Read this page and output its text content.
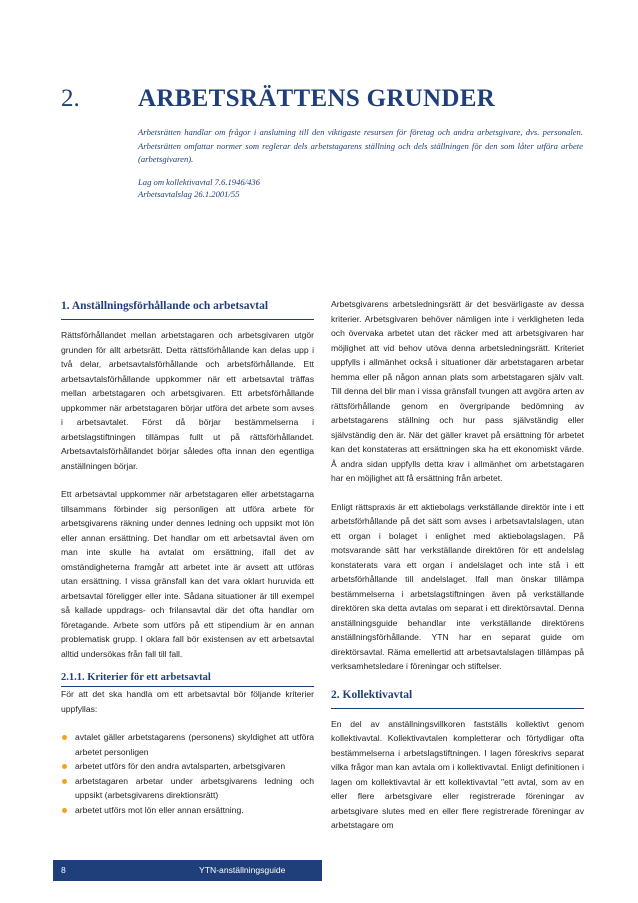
2. ARBETSRÄTTENS GRUNDER
Arbetsrätten handlar om frågor i anslutning till den viktigaste resursen för företag och andra arbetsgivare, dvs. personalen. Arbetsrätten omfattar normer som reglerar dels arbetstagarens ställning och dels ställningen för den som låter utföra arbete (arbetsgivaren).
Lag om kollektivavtal 7.6.1946/436
Arbetsavtalslag 26.1.2001/55
1. Anställningsförhållande och arbetsavtal

Rättsförhållandet mellan arbetstagaren och arbetsgivaren utgör grunden för allt arbetsrätt. Detta rättsförhållande kan delas upp i två delar, arbetsavtalsförhållande och arbetsförhållande. Ett arbetsavtalsförhållande uppkommer när ett arbetsavtal träffas mellan arbetstagaren och arbetsgivaren. Ett arbetsförhållande uppkommer när arbetstagaren börjar utföra det arbete som avses i arbetsavtalet. Först då börjar bestämmelserna i arbetslagstiftningen tillämpas fullt ut på rättsförhållandet. Arbetsavtalsförhållandet börjar således ofta innan den egentliga anställningen börjar.

Ett arbetsavtal uppkommer när arbetstagaren eller arbetstagarna tillsammans förbinder sig personligen att utföra arbete för arbetsgivarens räkning under dennes ledning och uppsikt mot lön eller annan ersättning. Det handlar om ett arbetsavtal även om man inte skulle ha avtalat om ersättning, ifall det av omständigheterna framgår att arbetet inte är avsett att utföras utan ersättning. I vissa gränsfall kan det vara oklart huruvida ett arbetsavtal föreligger eller inte. Sådana situationer är till exempel så kallade uppdrags- och frilansavtal där det ofta handlar om företagande. Arbete som utförs på ett stipendium är en annan problematisk grupp. I oklara fall bör existensen av ett arbetsavtal alltid undersökas från fall till fall.

2.1.1. Kriterier för ett arbetsavtal

För att det ska handla om ett arbetsavtal bör följande kriterier uppfyllas:

avtalet gäller arbetstagarens (personens) skyldighet att utföra arbetet personligen
arbetet utförs för den andra avtalsparten, arbetsgivaren
arbetstagaren arbetar under arbetsgivarens ledning och uppsikt (arbetsgivarens direktionsrätt)
arbetet utförs mot lön eller annan ersättning.

Arbetsgivarens arbetsledningsrätt är det besvärligaste av dessa kriterier. Arbetsgivaren behöver nämligen inte i verkligheten leda och övervaka arbetet utan det räcker med att arbetsgivaren har möjlighet att vid behov utöva denna arbetsledningsrätt. Kriteriet uppfylls i allmänhet också i situationer där arbetstagaren arbetar hemma eller på någon annan plats som arbetstagaren själv valt. Till denna del blir man i vissa gränsfall tvungen att avgöra arten av rättsförhållande genom en övergripande bedömning av arbetstagarens ställning och hur pass självständig eller självständig den är. När det gäller kravet på ersättning för arbetet kan det konstateras att ersättningen ska ha ett ekonomiskt värde. Å andra sidan uppfylls detta krav i allmänhet om arbetstagaren har en möjlighet att få ersättning från arbetet.

Enligt rättspraxis är ett aktiebolags verkställande direktör inte i ett arbetsförhållande på det sätt som avses i arbetsavtalslagen, utan ett organ i bolaget i enlighet med aktiebolagslagen. På motsvarande sätt har verkställande direktören för ett andelslag konstaterats vara ett organ i andelslaget och inte stå i ett arbetsförhållande till andelslaget. Ifall man önskar tillämpa bestämmelserna i arbetslagstiftningen även på verkställande direktören ska detta avtalas om separat i ett direktörsavtal. Denna anställningsguide behandlar inte verkställande direktörens anställningsförhållande. YTN har en separat guide om direktörsavtal. Räma emellertid att arbetsavtalslagen tillämpas på verksamhetsledare i föreningar och stiftelser.

2. Kollektivavtal

En del av anställningsvillkoren fastställs kollektivt genom kollektivavtal. Kollektivavtalen kompletterar och förtydligar ofta bestämmelserna i arbetslagstiftningen. I lagen föreskrivs separat vilka frågor man kan avtala om i kollektivavtal. Enligt definitionen i lagen om kollektivavtal är ett kollektivavtal "ett avtal, som av en eller flere arbetsgivare eller registrerade föreningar av arbetsgivare slutes med en eller flere registrerade föreningar av arbetstagare om

8	YTN-anställningsguide
